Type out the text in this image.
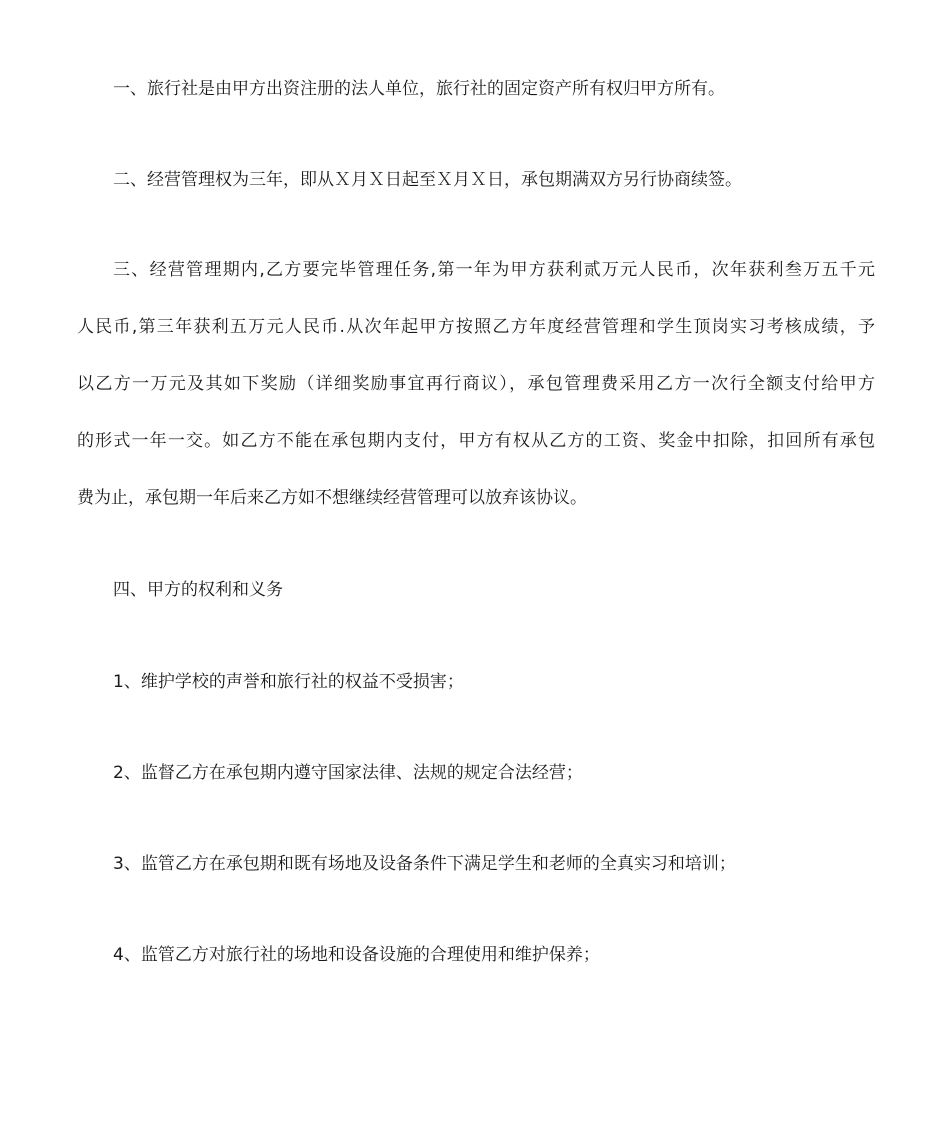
一、旅行社是由甲方出资注册的法人单位，旅行社的固定资产所有权归甲方所有。

二、经营管理权为三年，即从Ｘ月Ｘ日起至Ｘ月Ｘ日，承包期满双方另行协商续签。

三、经营管理期内,乙方要完毕管理任务,第一年为甲方获利贰万元人民币，次年获利叁万五千元
人民币,第三年获利五万元人民币.从次年起甲方按照乙方年度经营管理和学生顶岗实习考核成绩，予
以乙方一万元及其如下奖励（详细奖励事宜再行商议），承包管理费采用乙方一次行全额支付给甲方
的形式一年一交。如乙方不能在承包期内支付，甲方有权从乙方的工资、奖金中扣除，扣回所有承包
费为止，承包期一年后来乙方如不想继续经营管理可以放弃该协议。

四、甲方的权利和义务

1、维护学校的声誉和旅行社的权益不受损害；

2、监督乙方在承包期内遵守国家法律、法规的规定合法经营；

3、监管乙方在承包期和既有场地及设备条件下满足学生和老师的全真实习和培训；

4、监管乙方对旅行社的场地和设备设施的合理使用和维护保养；
